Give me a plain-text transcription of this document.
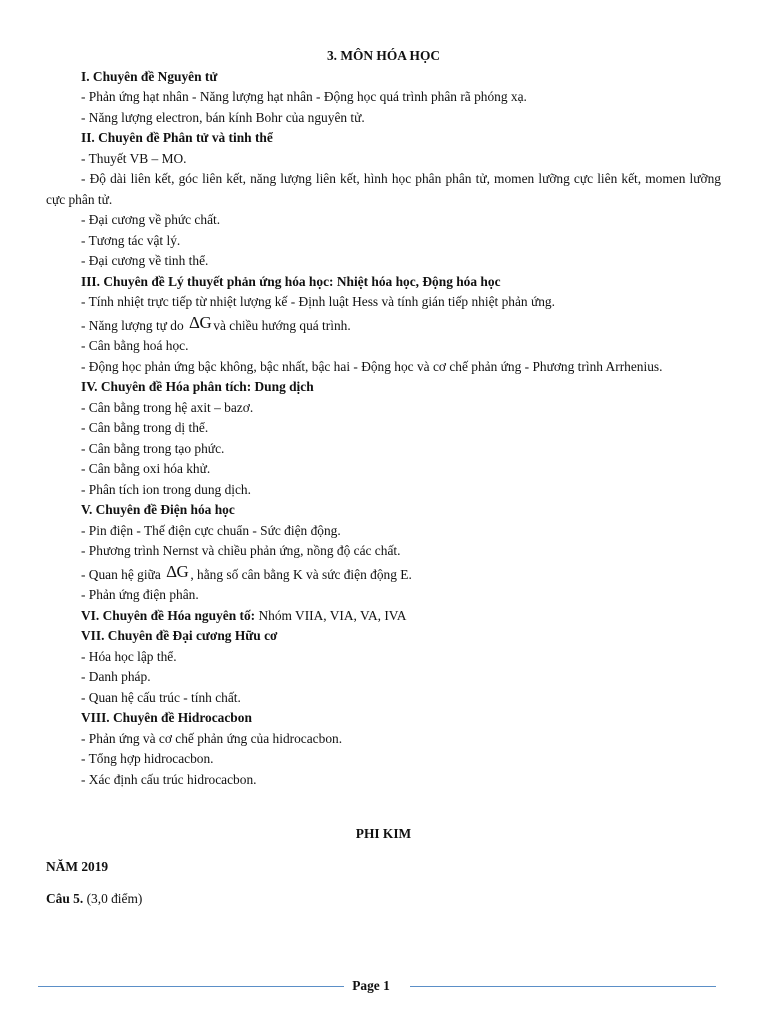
3. MÔN HÓA HỌC

I. Chuyên đề Nguyên tử

- Phản ứng hạt nhân - Năng lượng hạt nhân - Động học quá trình phân rã phóng xạ.

- Năng lượng electron, bán kính Bohr của nguyên tử.

II. Chuyên đề Phân tử và tinh thể

- Thuyết VB – MO.

- Độ dài liên kết, góc liên kết, năng lượng liên kết, hình học phân phân tử, momen lưỡng cực liên kết, momen lưỡng cực phân tử.

- Đại cương về phức chất.

- Tương tác vật lý.

- Đại cương về tinh thể.

III. Chuyên đề Lý thuyết phản ứng hóa học: Nhiệt hóa học, Động hóa học

- Tính nhiệt trực tiếp từ nhiệt lượng kế - Định luật Hess và tính gián tiếp nhiệt phản ứng.

- Năng lượng tự do ΔG và chiều hướng quá trình.

- Cân bằng hoá học.

- Động học phản ứng bậc không, bậc nhất, bậc hai - Động học và cơ chế phản ứng - Phương trình Arrhenius.

IV. Chuyên đề Hóa phân tích: Dung dịch

- Cân bằng trong hệ axit – bazơ.

- Cân bằng trong dị thể.

- Cân bằng trong tạo phức.

- Cân bằng oxi hóa khử.

- Phân tích ion trong dung dịch.

V. Chuyên đề Điện hóa học

- Pin điện - Thế điện cực chuẩn - Sức điện động.

- Phương trình Nernst và chiều phản ứng, nồng độ các chất.

- Quan hệ giữa ΔG , hằng số cân bằng K và sức điện động E.

- Phản ứng điện phân.

VI. Chuyên đề Hóa nguyên tố: Nhóm VIIA, VIA, VA, IVA

VII. Chuyên đề Đại cương Hữu cơ

- Hóa học lập thể.

- Danh pháp.

- Quan hệ cấu trúc - tính chất.

VIII. Chuyên đề Hidrocacbon

- Phản ứng và cơ chế phản ứng của hidrocacbon.

- Tổng hợp hidrocacbon.

- Xác định cấu trúc hidrocacbon.

PHI KIM

NĂM 2019

Câu 5. (3,0 điểm)

Page 1
